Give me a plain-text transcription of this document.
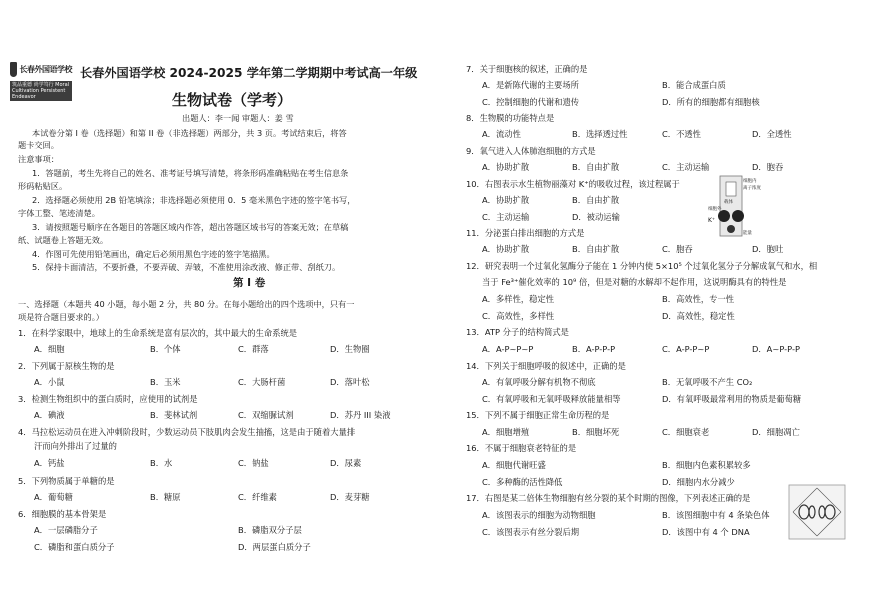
长春外国语学校
筑品重德 尚学笃行 Moral Cultivation Persistent Endeavor
长春外国语学校 2024-2025 学年第二学期期中考试高一年级
生物试卷（学考）
出题人：李一闻 审题人：姜 雪
本试卷分第 I 卷（选择题）和第 II 卷（非选择题）两部分，共 3 页。考试结束后，将答
题卡交回。
注意事项：
1．答题前，考生先将自己的姓名、准考证号填写清楚，将条形码准确粘贴在考生信息条
形码粘贴区。
2．选择题必须使用 2B 铅笔填涂；非选择题必须使用 0．5 毫米黑色字迹的签字笔书写，
字体工整、笔迹清楚。
3．请按照题号顺序在各题目的答题区域内作答，超出答题区域书写的答案无效；在草稿
纸、试题卷上答题无效。
4．作图可先使用铅笔画出，确定后必须用黑色字迹的签字笔描黑。
5．保持卡面清洁，不要折叠，不要弄破、弄皱，不准使用涂改液、修正带、刮纸刀。
第 I 卷
一、选择题（本题共 40 小题，每小题 2 分，共 80 分。在每小题给出的四个选项中，只有一
项是符合题目要求的。）
1．在科学家眼中，地球上的生命系统是富有层次的，其中最大的生命系统是
A．细胞	B．个体	C．群落	D．生物圈
2．下列属于原核生物的是
A．小鼠	B．玉米	C．大肠杆菌	D．落叶松
3．检测生物组织中的蛋白质时，应使用的试剂是
A．碘液	B．斐林试剂	C．双缩脲试剂	D．苏丹 III 染液
4．马拉松运动员在进入冲刺阶段时，少数运动员下肢肌肉会发生抽搐，这是由于随着大量排
汗而向外排出了过量的
A．钙盐	B．水	C．钠盐	D．尿素
5．下列物质属于单糖的是
A．葡萄糖	B．糖原	C．纤维素	D．麦芽糖
6．细胞膜的基本骨架是
A．一层磷脂分子	B．磷脂双分子层
C．磷脂和蛋白质分子	D．两层蛋白质分子
7．关于细胞核的叙述，正确的是
A．是新陈代谢的主要场所	B．能合成蛋白质
C．控制细胞的代谢和遗传	D．所有的细胞都有细胞核
8．生物膜的功能特点是
A．流动性	B．选择透过性	C．不透性	D．全透性
9．氧气进入人体肺泡细胞的方式是
A．协助扩散	B．自由扩散	C．主动运输	D．胞吞
10．右图表示水生植物丽藻对 K⁺的吸收过程，该过程属于
A．协助扩散	B．自由扩散
C．主动运输	D．被动运输
细胞外
细胞内
离子浓度
载体
能量
K⁺
11．分泌蛋白排出细胞的方式是
A．协助扩散	B．自由扩散	C．胞吞	D．胞吐
12．研究表明一个过氧化氢酶分子能在 1 分钟内使 5×10⁵ 个过氧化氢分子分解成氧气和水，相
当于 Fe³⁺催化效率的 10⁹ 倍，但是对糖的水解却不起作用，这说明酶具有的特性是
A．多样性，稳定性	B．高效性，专一性
C．高效性，多样性	D．高效性，稳定性
13．ATP 分子的结构简式是
A．A-P~P~P	B．A-P-P-P	C．A-P-P~P	D．A~P-P-P
14．下列关于细胞呼吸的叙述中，正确的是
A．有氧呼吸分解有机物不彻底	B．无氧呼吸不产生 CO₂
C．有氧呼吸和无氧呼吸释放能量相等	D．有氧呼吸最常利用的物质是葡萄糖
15．下列不属于细胞正常生命历程的是
A．细胞增殖	B．细胞坏死	C．细胞衰老	D．细胞凋亡
16．不属于细胞衰老特征的是
A．细胞代谢旺盛	B．细胞内色素积累较多
C．多种酶的活性降低	D．细胞内水分减少
17．右图是某二倍体生物细胞有丝分裂的某个时期的图像，下列表述正确的是
A．该图表示的细胞为动物细胞	B．该图细胞中有 4 条染色体
C．该图表示有丝分裂后期	D．该图中有 4 个 DNA
